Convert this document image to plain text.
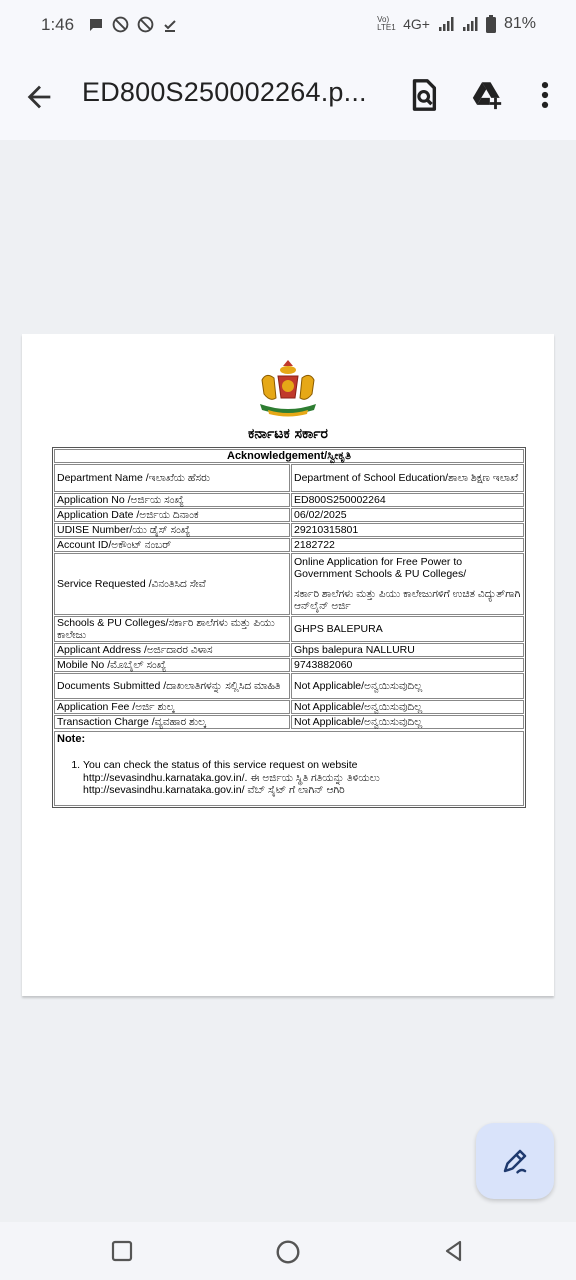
1:46	Vo) LTE1 4G+	81%
ED800S250002264.p...
ಕರ್ನಾಟಕ ಸರ್ಕಾರ
Acknowledgement/ಸ್ವೀಕೃತಿ	
Department Name /ಇಲಾಖೆಯ ಹೆಸರು	Department of School Education/ಶಾಲಾ ಶಿಕ್ಷಣ ಇಲಾಖೆ
Application No /ಅರ್ಜಿಯ ಸಂಖ್ಯೆ	ED800S250002264
Application Date /ಅರ್ಜಿಯ ದಿನಾಂಕ	06/02/2025
UDISE Number/ಯು ಡೈಸ್ ಸಂಖ್ಯೆ	29210315801
Account ID/ಅಕೌಂಟ್ ನಂಬರ್	2182722
Service Requested /ವಿನಂತಿಸಿದ ಸೇವೆ	Online Application for Free Power to Government Schools & PU Colleges/
ಸರ್ಕಾರಿ ಶಾಲೆಗಳು ಮತ್ತು ಪಿಯು ಕಾಲೇಜುಗಳಿಗೆ ಉಚಿತ ವಿದ್ಯುತ್‌ಗಾಗಿ ಆನ್‌ಲೈನ್ ಅರ್ಜಿ

Schools & PU Colleges/ಸರ್ಕಾರಿ ಶಾಲೆಗಳು ಮತ್ತು ಪಿಯು ಕಾಲೇಜು	GHPS BALEPURA
Applicant Address /ಅರ್ಜಿದಾರರ ವಿಳಾಸ	Ghps balepura NALLURU
Mobile No /ಮೊಬೈಲ್ ಸಂಖ್ಯೆ	9743882060
Documents Submitted /ದಾಖಲಾತಿಗಳನ್ನು ಸಲ್ಲಿಸಿದ ಮಾಹಿತಿ	Not Applicable/ಅನ್ವಯಿಸುವುದಿಲ್ಲ
Application Fee /ಅರ್ಜಿ ಶುಲ್ಕ	Not Applicable/ಅನ್ವಯಿಸುವುದಿಲ್ಲ
Transaction Charge /ವ್ಯವಹಾರ ಶುಲ್ಕ	Not Applicable/ಅನ್ವಯಿಸುವುದಿಲ್ಲ
Note:
1. You can check the status of this service request on website
http://sevasindhu.karnataka.gov.in/. ಈ ಅರ್ಜಿಯ ಸ್ಥಿತಿ ಗತಿಯನ್ನು ತಿಳಿಯಲು
http://sevasindhu.karnataka.gov.in/ ವೆಬ್ ಸೈಟ್ ಗೆ ಲಾಗಿನ್ ಆಗಿರಿ
